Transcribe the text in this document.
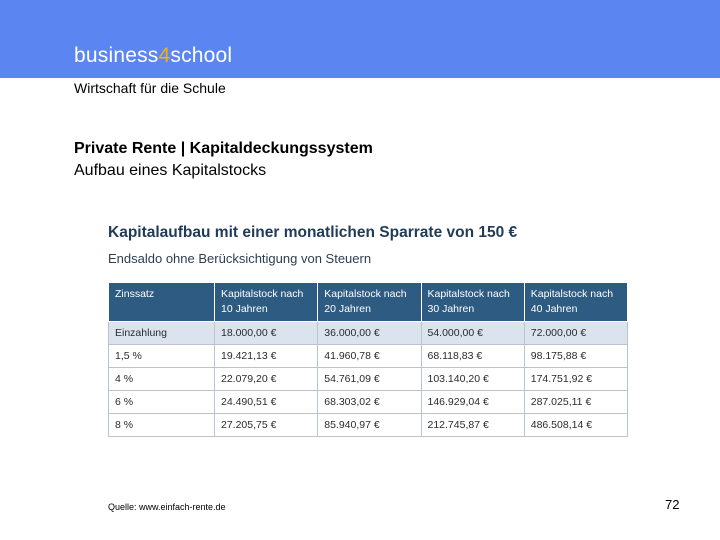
business4school
Wirtschaft für die Schule
Private Rente | Kapitaldeckungssystem
Aufbau eines Kapitalstocks
Kapitalaufbau mit einer monatlichen Sparrate von 150 €
Endsaldo ohne Berücksichtigung von Steuern
Zinssatz	Kapitalstock nach 10 Jahren	Kapitalstock nach 20 Jahren	Kapitalstock nach 30 Jahren	Kapitalstock nach 40 Jahren
Einzahlung	18.000,00 €	36.000,00 €	54.000,00 €	72.000,00 €
1,5 %	19.421,13 €	41.960,78 €	68.118,83 €	98.175,88 €
4 %	22.079,20 €	54.761,09 €	103.140,20 €	174.751,92 €
6 %	24.490,51 €	68.303,02 €	146.929,04 €	287.025,11 €
8 %	27.205,75 €	85.940,97 €	212.745,87 €	486.508,14 €
Quelle: www.einfach-rente.de	72
